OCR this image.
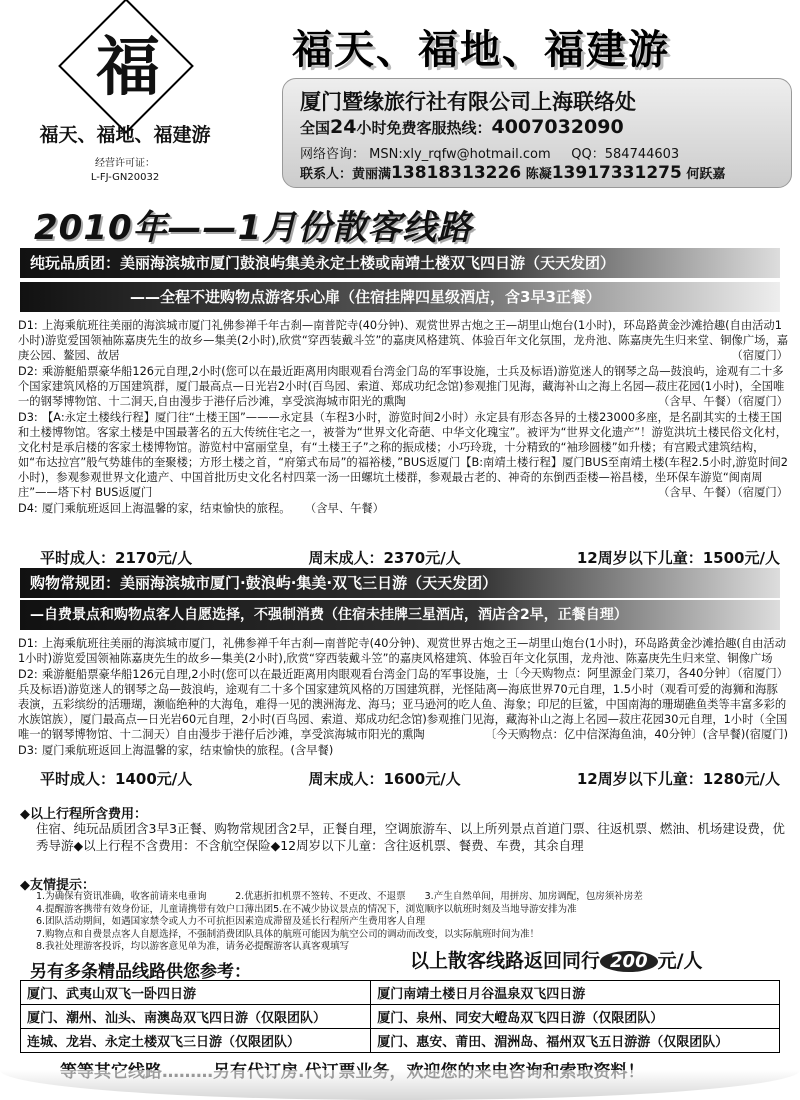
福
福天、福地、福建游
经营许可证：
L-FJ-GN20032
福天、福地、福建游
厦门暨缘旅行社有限公司上海联络处
全国24小时免费客服热线：4007032090
网络咨询： MSN:xly_rqfw@hotmail.com QQ：584744603
联系人：黄丽满13818313226 陈凝13917331275 何跃嘉
2010年——1月份散客线路
纯玩品质团：美丽海滨城市厦门鼓浪屿集美永定土楼或南靖土楼双飞四日游（天天发团）
——全程不进购物点游客乐心扉（住宿挂牌四星级酒店，含3早3正餐）

D1: 上海乘航班往美丽的海滨城市厦门礼佛参禅千年古刹—南普陀寺(40分钟)、观赏世界古炮之王—胡里山炮台(1小时)，环岛路黄金沙滩拾趣(自由活动1小时)游览爱国领袖陈嘉庚先生的故乡—集美(2小时),欣赏“穿西装戴斗笠”的嘉庚风格建筑、体验百年文化氛围，龙舟池、陈嘉庚先生归来堂、铜像广场，嘉庚公园、鳌园、故居	（宿厦门）

D2: 乘游艇船票豪华船126元自理,2小时(您可以在最近距离用肉眼观看台湾金门岛的军事设施，士兵及标语)游览迷人的钢琴之岛—鼓浪屿，途观有二十多个国家建筑风格的万国建筑群，厦门最高点—日光岩2小时(百鸟园、索道、郑成功纪念馆)参观推门见海，藏海补山之海上名园—菽庄花园(1小时)，全国唯一的钢琴博物馆、十二洞天,自由漫步于港仔后沙滩，享受滨海城市阳光的熏陶	（含早、午餐）（宿厦门）

D3: 【A:永定土楼线行程】厦门往“土楼王国”———永定县（车程3小时，游览时间2小时）永定县有形态各异的土楼23000多座，是名副其实的土楼王国和土楼博物馆。客家土楼是中国最著名的五大传统住宅之一，被誉为“世界文化奇葩、中华文化瑰宝”。被评为“世界文化遗产”！游览洪坑土楼民俗文化村，文化村是承启楼的客家土楼博物馆。游览村中富丽堂皇，有“土楼王子”之称的振成楼；小巧玲珑，十分精致的“袖珍圆楼”如升楼；有宫殿式建筑结构，如“布达拉宫”般气势雄伟的奎聚楼；方形土楼之首，“府第式布局”的福裕楼，”BUS返厦门【B:南靖土楼行程】厦门BUS至南靖土楼(车程2.5小时,游览时间2小时)，参观参观世界文化遗产、中国首批历史文化名村四菜一汤一田螺坑土楼群，参观最古老的、神奇的东倒西歪楼—裕昌楼，坐环保车游览“闽南周庄”——塔下村 BUS返厦门	（含早、午餐）（宿厦门）

D4: 厦门乘航班返回上海温馨的家，结束愉快的旅程。 （含早、午餐）

平时成人：2170元/人	周末成人：2370元/人	12周岁以下儿童：1500元/人
购物常规团：美丽海滨城市厦门·鼓浪屿·集美·双飞三日游（天天发团）
—自费景点和购物点客人自愿选择，不强制消费（住宿未挂牌三星酒店，酒店含2早，正餐自理）

D1: 上海乘航班往美丽的海滨城市厦门，礼佛参禅千年古刹—南普陀寺(40分钟)、观赏世界古炮之王—胡里山炮台(1小时)，环岛路黄金沙滩拾趣(自由活动1小时)游览爱国领袖陈嘉庚先生的故乡—集美(2小时),欣赏“穿西装戴斗笠”的嘉庚风格建筑、体验百年文化氛围，龙舟池、陈嘉庚先生归来堂、铜像广场
〔今天购物点：阿里源金门菜刀，各40分钟〕（宿厦门）

D2: 乘游艇船票豪华船126元自理,2小时(您可以在最近距离用肉眼观看台湾金门岛的军事设施，士兵及标语)游览迷人的钢琴之岛—鼓浪屿，途观有二十多个国家建筑风格的万国建筑群，光怪陆离—海底世界70元自理，1.5小时（观看可爱的海狮和海豚表演，五彩缤纷的活珊瑚，濒临绝种的大海龟，难得一见的澳洲海龙、海马；亚马逊河的吃人鱼、海象；印尼的巨鲨，中国南海的珊瑚礁鱼类等丰富多彩的水族馆族），厦门最高点—日光岩60元自理，2小时(百鸟园、索道、郑成功纪念馆)参观推门见海，藏海补山之海上名园—菽庄花园30元自理，1小时（全国唯一的钢琴博物馆、十二洞天）自由漫步于港仔后沙滩，享受滨海城市阳光的熏陶	〔今天购物点：亿中信深海鱼油，40分钟〕(含早餐)(宿厦门)

D3: 厦门乘航班返回上海温馨的家，结束愉快的旅程。(含早餐)

平时成人：1400元/人	周末成人：1600元/人	12周岁以下儿童：1280元/人
◆以上行程所含费用：
住宿、纯玩品质团含3早3正餐、购物常规团含2早，正餐自理，空调旅游车、以上所列景点首道门票、往返机票、燃油、机场建设费，优秀导游◆以上行程不含费用：不含航空保险◆12周岁以下儿童：含往返机票、餐费、车费，其余自理
◆友情提示：
1.为确保有资讯准确，收客前请来电垂询　　　2.优惠折扣机票不签转、不更改、不退票　　3.产生自然单间，用拼房、加房调配，包房须补房差
4.提醒游客携带有效身份证，儿童请携带有效户口薄出团5.在不减少协议景点的情况下，浏览顺序以航班时刻及当地导游安排为准
6.团队活动期间，如遇国家禁令或人力不可抗拒因素造成滞留及延长行程所产生费用客人自理
7.购物点和自费景点客人自愿选择，不强制消费团队具体的航班可能因为航空公司的调动而改变，以实际航班时间为准！
8.我社处理游客投诉，均以游客意见单为准，请务必提醒游客认真客观填写
另有多条精品线路供您参考：	以上散客线路返回同行 200 元/人
厦门、武夷山双飞一卧四日游	厦门南靖土楼日月谷温泉双飞四日游
厦门、潮州、汕头、南澳岛双飞四日游（仅限团队）	厦门、泉州、同安大嶝岛双飞四日游（仅限团队）
连城、龙岩、永定土楼双飞三日游（仅限团队）	厦门、惠安、莆田、湄洲岛、福州双飞五日游游（仅限团队）
